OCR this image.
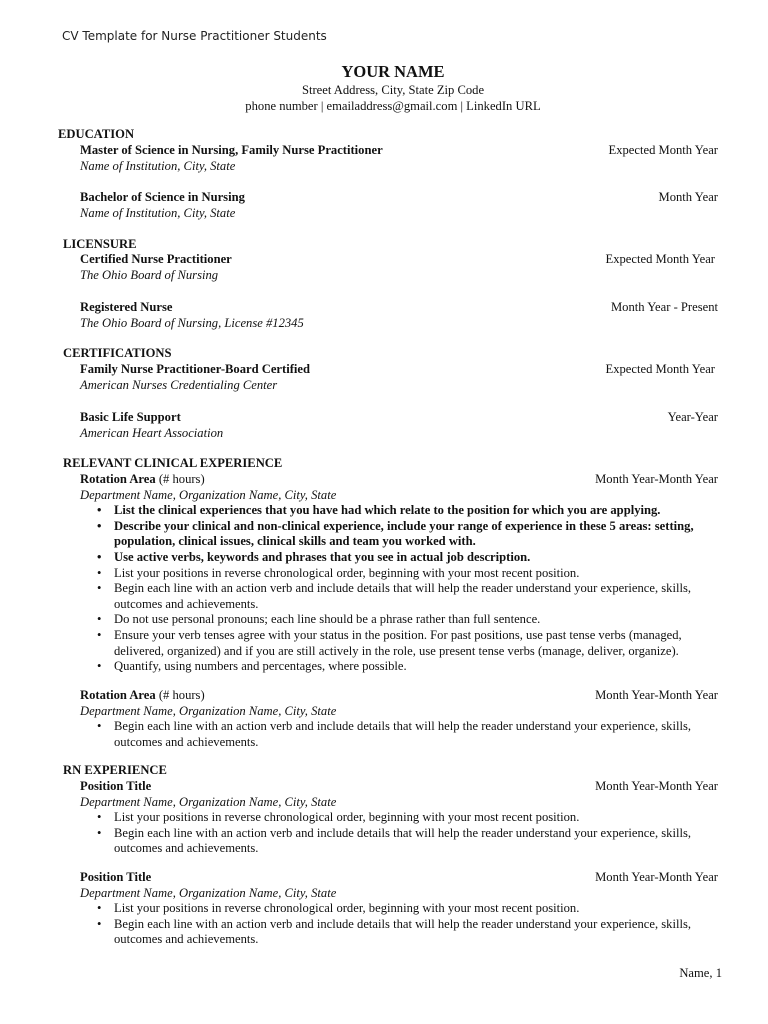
CV Template for Nurse Practitioner Students
YOUR NAME
Street Address, City, State Zip Code
phone number | emailaddress@gmail.com | LinkedIn URL
EDUCATION
Master of Science in Nursing, Family Nurse Practitioner	Expected Month Year
Name of Institution, City, State
Bachelor of Science in Nursing	Month Year
Name of Institution, City, State
LICENSURE
Certified Nurse Practitioner	Expected Month Year
The Ohio Board of Nursing
Registered Nurse	Month Year - Present
The Ohio Board of Nursing, License #12345
CERTIFICATIONS
Family Nurse Practitioner-Board Certified	Expected Month Year
American Nurses Credentialing Center
Basic Life Support	Year-Year
American Heart Association
RELEVANT CLINICAL EXPERIENCE
Rotation Area (# hours)	Month Year-Month Year
Department Name, Organization Name, City, State
• List the clinical experiences that you have had which relate to the position for which you are applying.
• Describe your clinical and non-clinical experience, include your range of experience in these 5 areas: setting, population, clinical issues, clinical skills and team you worked with.
• Use active verbs, keywords and phrases that you see in actual job description.
• List your positions in reverse chronological order, beginning with your most recent position.
• Begin each line with an action verb and include details that will help the reader understand your experience, skills, outcomes and achievements.
• Do not use personal pronouns; each line should be a phrase rather than full sentence.
• Ensure your verb tenses agree with your status in the position. For past positions, use past tense verbs (managed, delivered, organized) and if you are still actively in the role, use present tense verbs (manage, deliver, organize).
• Quantify, using numbers and percentages, where possible.
Rotation Area (# hours)	Month Year-Month Year
Department Name, Organization Name, City, State
• Begin each line with an action verb and include details that will help the reader understand your experience, skills, outcomes and achievements.
RN EXPERIENCE
Position Title	Month Year-Month Year
Department Name, Organization Name, City, State
• List your positions in reverse chronological order, beginning with your most recent position.
• Begin each line with an action verb and include details that will help the reader understand your experience, skills, outcomes and achievements.
Position Title	Month Year-Month Year
Department Name, Organization Name, City, State
• List your positions in reverse chronological order, beginning with your most recent position.
• Begin each line with an action verb and include details that will help the reader understand your experience, skills, outcomes and achievements.
Name, 1
